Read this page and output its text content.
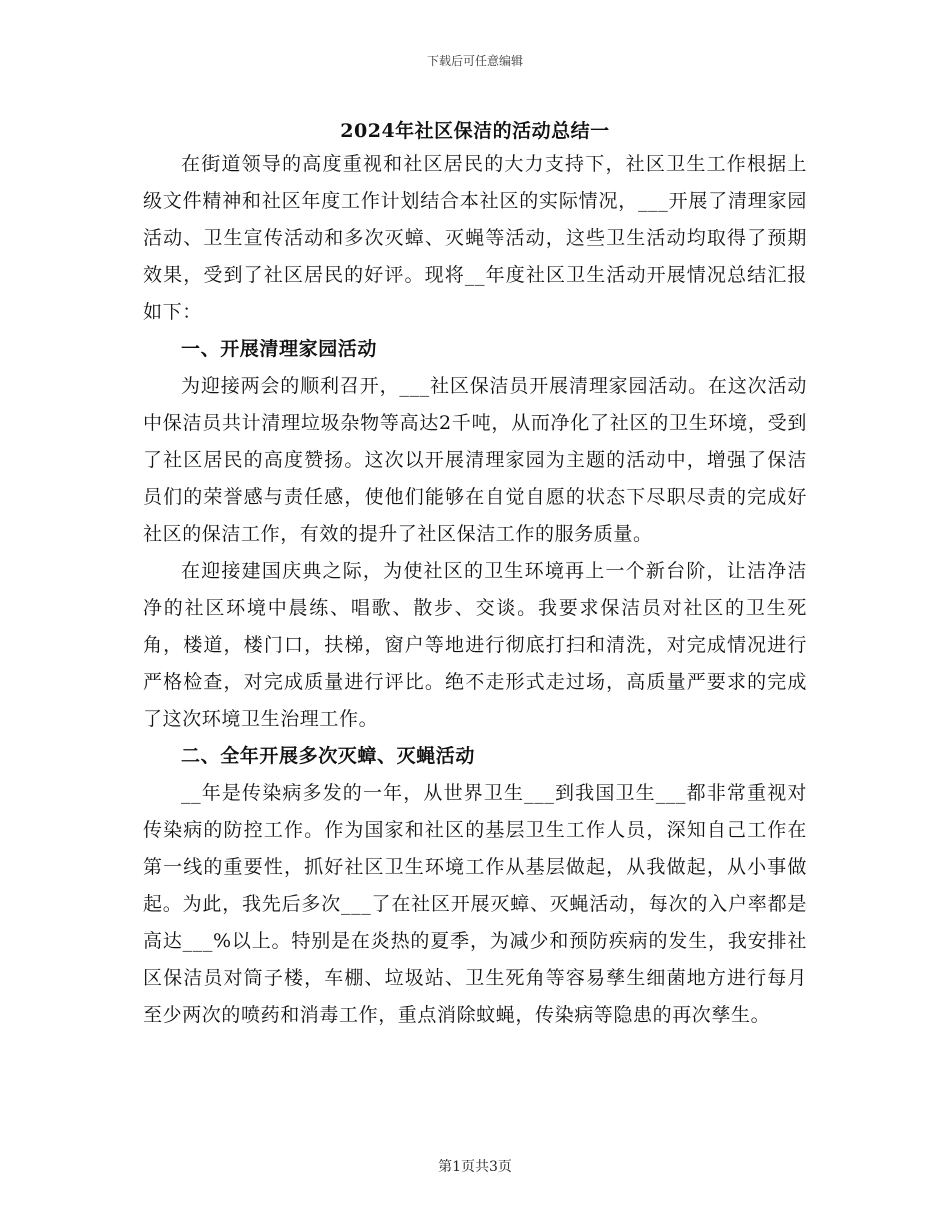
下载后可任意编辑
2024年社区保洁的活动总结一

在街道领导的高度重视和社区居民的大力支持下，社区卫生工作根据上级文件精神和社区年度工作计划结合本社区的实际情况，___开展了清理家园活动、卫生宣传活动和多次灭蟑、灭蝇等活动，这些卫生活动均取得了预期效果，受到了社区居民的好评。现将__年度社区卫生活动开展情况总结汇报如下：

一、开展清理家园活动

为迎接两会的顺利召开，___社区保洁员开展清理家园活动。在这次活动中保洁员共计清理垃圾杂物等高达2千吨，从而净化了社区的卫生环境，受到了社区居民的高度赞扬。这次以开展清理家园为主题的活动中，增强了保洁员们的荣誉感与责任感，使他们能够在自觉自愿的状态下尽职尽责的完成好社区的保洁工作，有效的提升了社区保洁工作的服务质量。

在迎接建国庆典之际，为使社区的卫生环境再上一个新台阶，让洁净洁净的社区环境中晨练、唱歌、散步、交谈。我要求保洁员对社区的卫生死角，楼道，楼门口，扶梯，窗户等地进行彻底打扫和清洗，对完成情况进行严格检查，对完成质量进行评比。绝不走形式走过场，高质量严要求的完成了这次环境卫生治理工作。

二、全年开展多次灭蟑、灭蝇活动

__年是传染病多发的一年，从世界卫生___到我国卫生___都非常重视对传染病的防控工作。作为国家和社区的基层卫生工作人员，深知自己工作在第一线的重要性，抓好社区卫生环境工作从基层做起，从我做起，从小事做起。为此，我先后多次___了在社区开展灭蟑、灭蝇活动，每次的入户率都是高达___%以上。特别是在炎热的夏季，为减少和预防疾病的发生，我安排社区保洁员对筒子楼，车棚、垃圾站、卫生死角等容易孳生细菌地方进行每月至少两次的喷药和消毒工作，重点消除蚊蝇，传染病等隐患的再次孳生。

第1页共3页
